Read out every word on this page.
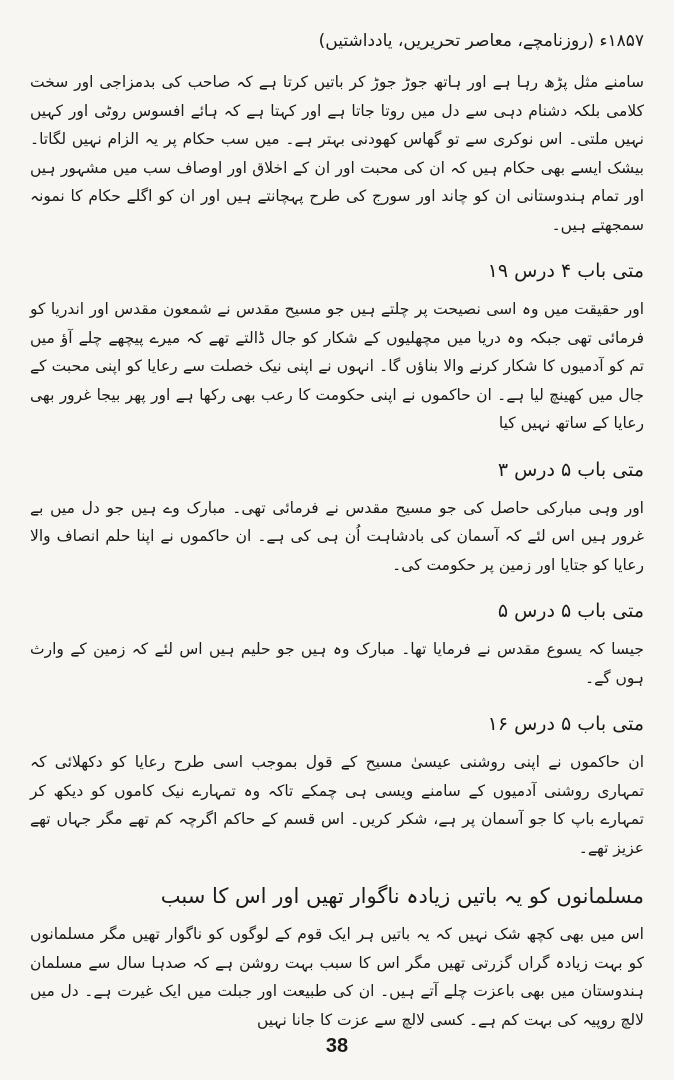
۱۸۵۷ء (روزنامچے، معاصر تحریریں، یادداشتیں)

سامنے مثل پڑھ رہا ہے اور ہاتھ جوڑ جوڑ کر باتیں کرتا ہے کہ صاحب کی بدمزاجی اور سخت کلامی بلکہ دشنام دہی سے دل میں روتا جاتا ہے اور کہتا ہے کہ ہائے افسوس روٹی اور کہیں نہیں ملتی۔ اس نوکری سے تو گھاس کھودنی بہتر ہے۔ میں سب حکام پر یہ الزام نہیں لگاتا۔ بیشک ایسے بھی حکام ہیں کہ ان کی محبت اور ان کے اخلاق اور اوصاف سب میں مشہور ہیں اور تمام ہندوستانی ان کو چاند اور سورج کی طرح پہچانتے ہیں اور ان کو اگلے حکام کا نمونہ سمجھتے ہیں۔

متی باب ۴ درس ۱۹

اور حقیقت میں وہ اسی نصیحت پر چلتے ہیں جو مسیح مقدس نے شمعون مقدس اور اندریا کو فرمائی تھی جبکہ وہ دریا میں مچھلیوں کے شکار کو جال ڈالتے تھے کہ میرے پیچھے چلے آؤ میں تم کو آدمیوں کا شکار کرنے والا بناؤں گا۔ انہوں نے اپنی نیک خصلت سے رعایا کو اپنی محبت کے جال میں کھینچ لیا ہے۔ ان حاکموں نے اپنی حکومت کا رعب بھی رکھا ہے اور پھر بیجا غرور بھی رعایا کے ساتھ نہیں کیا

متی باب ۵ درس ۳

اور وہی مبارکی حاصل کی جو مسیح مقدس نے فرمائی تھی۔ مبارک وے ہیں جو دل میں بے غرور ہیں اس لئے کہ آسمان کی بادشاہت اُن ہی کی ہے۔ ان حاکموں نے اپنا حلم انصاف والا رعایا کو جتایا اور زمین پر حکومت کی۔

متی باب ۵ درس ۵

جیسا کہ یسوع مقدس نے فرمایا تھا۔ مبارک وہ ہیں جو حلیم ہیں اس لئے کہ زمین کے وارث ہوں گے۔

متی باب ۵ درس ۱۶

ان حاکموں نے اپنی روشنی عیسیٰ مسیح کے قول بموجب اسی طرح رعایا کو دکھلائی کہ تمہاری روشنی آدمیوں کے سامنے ویسی ہی چمکے تاکہ وہ تمہارے نیک کاموں کو دیکھ کر تمہارے باپ کا جو آسمان پر ہے، شکر کریں۔ اس قسم کے حاکم اگرچہ کم تھے مگر جہاں تھے عزیز تھے۔

مسلمانوں کو یہ باتیں زیادہ ناگوار تھیں اور اس کا سبب

اس میں بھی کچھ شک نہیں کہ یہ باتیں ہر ایک قوم کے لوگوں کو ناگوار تھیں مگر مسلمانوں کو بہت زیادہ گراں گزرتی تھیں مگر اس کا سبب بہت روشن ہے کہ صدہا سال سے مسلمان ہندوستان میں بھی باعزت چلے آتے ہیں۔ ان کی طبیعت اور جبلت میں ایک غیرت ہے۔ دل میں لالچ روپیہ کی بہت کم ہے۔ کسی لالچ سے عزت کا جانا نہیں

38
